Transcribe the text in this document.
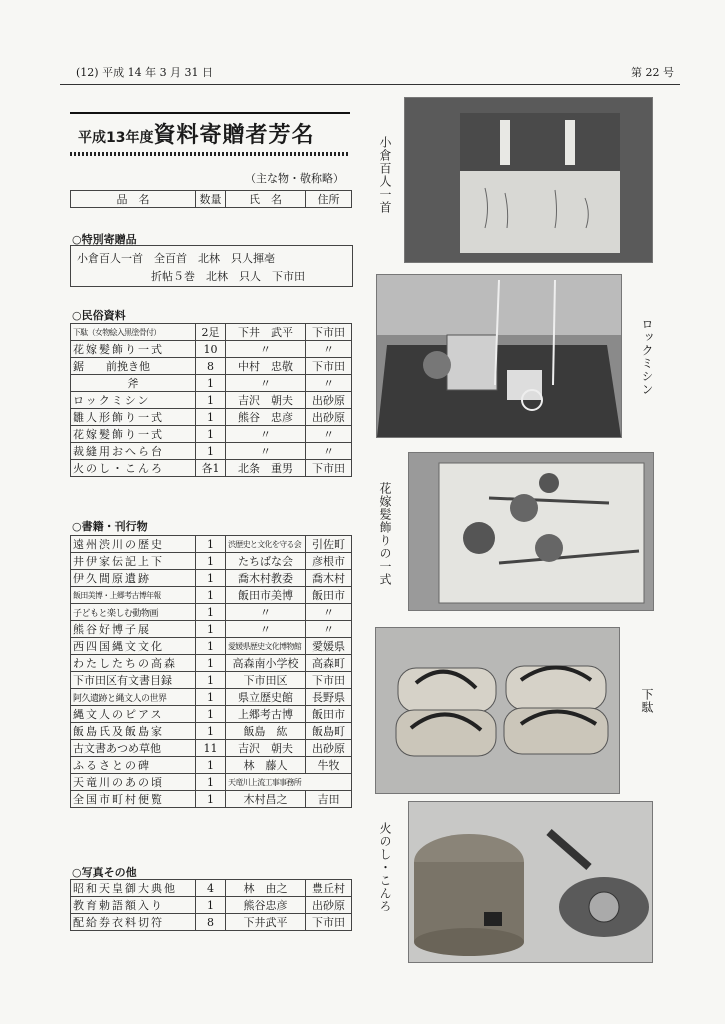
(12) 平成 14 年 3 月 31 日	第 22 号
平成13年度資料寄贈者芳名
（主な物・敬称略）
品　名	数量	氏　名	住所
○特別寄贈品
小倉百人一首　全百首　北林　只人揮亳
折帖５巻　北林　只人　下市田
○民俗資料
下駄（女物絵入黒塗骨付）	2足	下井　武平	下市田
花嫁髪飾り一式	10	〃	〃
鋸　　前挽き他	8	中村　忠敬	下市田
斧	1	〃	〃
ロックミシン	1	吉沢　朝夫	出砂原
雛人形飾り一式	1	熊谷　忠彦	出砂原
花嫁髪飾り一式	1	〃	〃
裁縫用おへら台	1	〃	〃
火のし・こんろ	各1	北条　重男	下市田
○書籍・刊行物
遠州渋川の歴史	1	渋歴史と文化を守る会	引佐町
井伊家伝記上下	1	たちばな会	彦根市
伊久間原遺跡	1	喬木村教委	喬木村
飯田美博・上郷考古博年報	1	飯田市美博	飯田市
子どもと楽しむ動物画	1	〃	〃
熊谷好博子展	1	〃	〃
西四国縄文文化	1	愛媛県歴史文化博物館	愛媛県
わたしたちの高森	1	高森南小学校	高森町
下市田区有文書目録	1	下市田区	下市田
阿久遺跡と縄文人の世界	1	県立歴史館	長野県
縄文人のピアス	1	上郷考古博	飯田市
飯島氏及飯島家	1	飯島　紘	飯島町
古文書あつめ草他	11	吉沢　朝夫	出砂原
ふるさとの碑	1	林　藤人	牛牧
天竜川のあの頃	1	天竜川上流工事事務所	
全国市町村便覧	1	木村昌之	吉田
○写真その他
昭和天皇御大典他	4	林　由之	豊丘村
教育勅語額入り	1	熊谷忠彦	出砂原
配給券衣料切符	8	下井武平	下市田
小倉百人一首
ロックミシン
花嫁髪飾りの一式
下駄
火のし・こんろ
